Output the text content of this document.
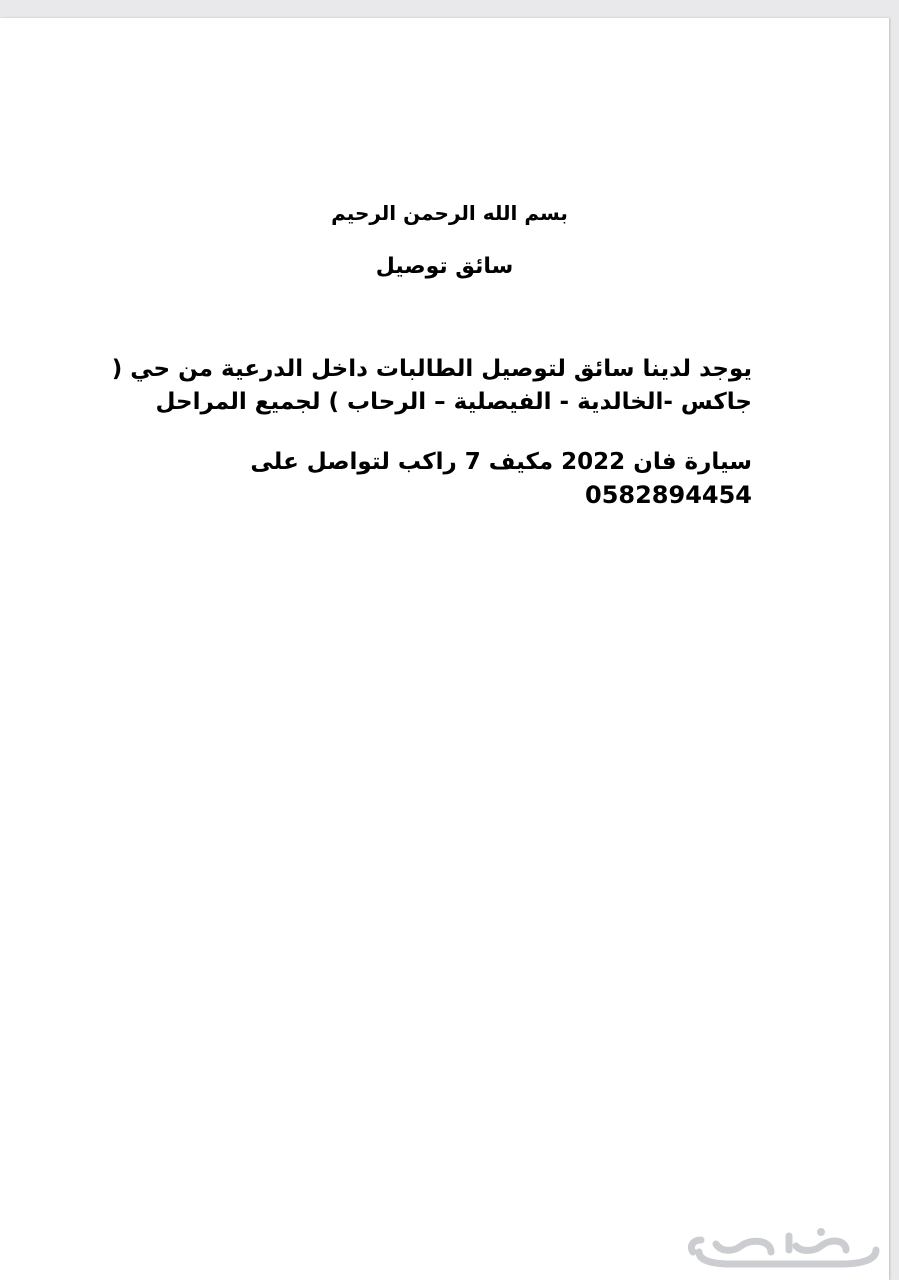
بسم الله الرحمن الرحيم
سائق توصيل
يوجد لدينا سائق لتوصيل الطالبات داخل الدرعية من حي ( جاكس -الخالدية - الفيصلية – الرحاب ) لجميع المراحل
سيارة فان 2022 مكيف 7 راكب لتواصل على 0582894454
